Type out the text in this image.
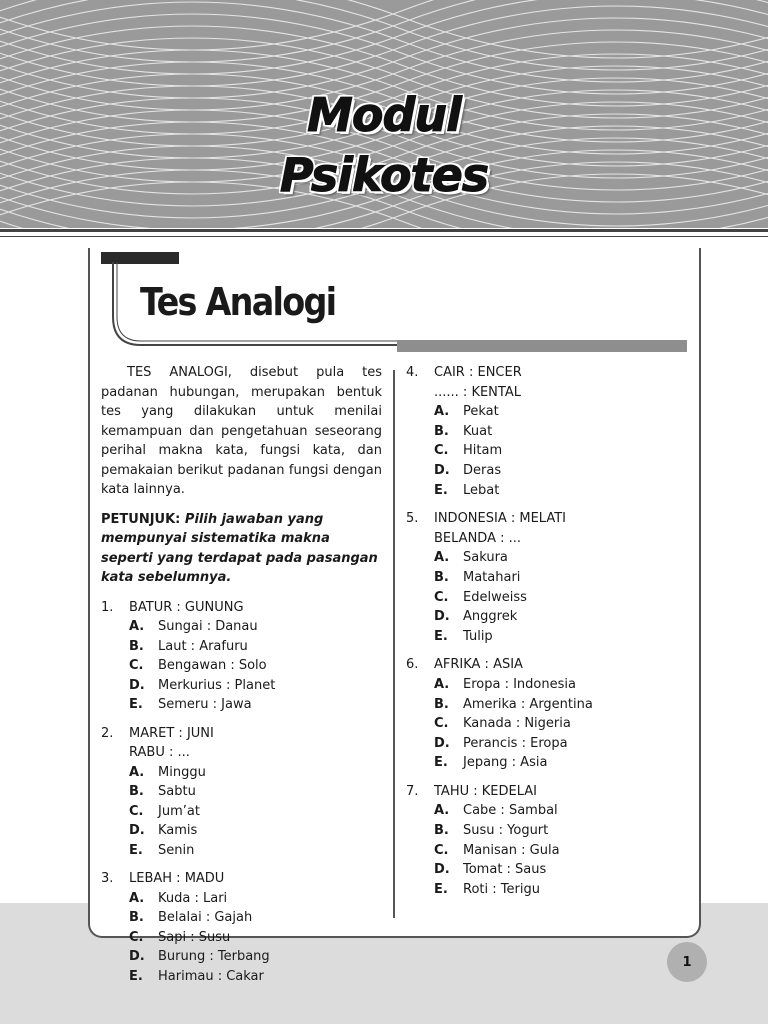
Modul
Psikotes
Tes Analogi

TES ANALOGI, disebut pula tes padanan hubungan, merupakan bentuk tes yang dilakukan untuk menilai kemampuan dan pengetahuan seseorang perihal makna kata, fungsi kata, dan pemakaian berikut padanan fungsi dengan kata lainnya.

PETUNJUK: Pilih jawaban yang mempunyai sistematika makna seperti yang terdapat pada pasangan kata sebelumnya.

1.	BATUR : GUNUNG
A.	Sungai : Danau
B.	Laut : Arafuru
C.	Bengawan : Solo
D.	Merkurius : Planet
E.	Semeru : Jawa
2.	MARET : JUNI
RABU : ...
A.	Minggu
B.	Sabtu
C.	Jum’at
D.	Kamis
E.	Senin
3.	LEBAH : MADU
A.	Kuda : Lari
B.	Belalai : Gajah
C.	Sapi : Susu
D.	Burung : Terbang
E.	Harimau : Cakar
4.	CAIR : ENCER
...... : KENTAL
A.	Pekat
B.	Kuat
C.	Hitam
D.	Deras
E.	Lebat
5.	INDONESIA : MELATI
BELANDA : ...
A.	Sakura
B.	Matahari
C.	Edelweiss
D.	Anggrek
E.	Tulip
6.	AFRIKA : ASIA
A.	Eropa : Indonesia
B.	Amerika : Argentina
C.	Kanada : Nigeria
D.	Perancis : Eropa
E.	Jepang : Asia
7.	TAHU : KEDELAI
A.	Cabe : Sambal
B.	Susu : Yogurt
C.	Manisan : Gula
D.	Tomat : Saus
E.	Roti : Terigu
1
